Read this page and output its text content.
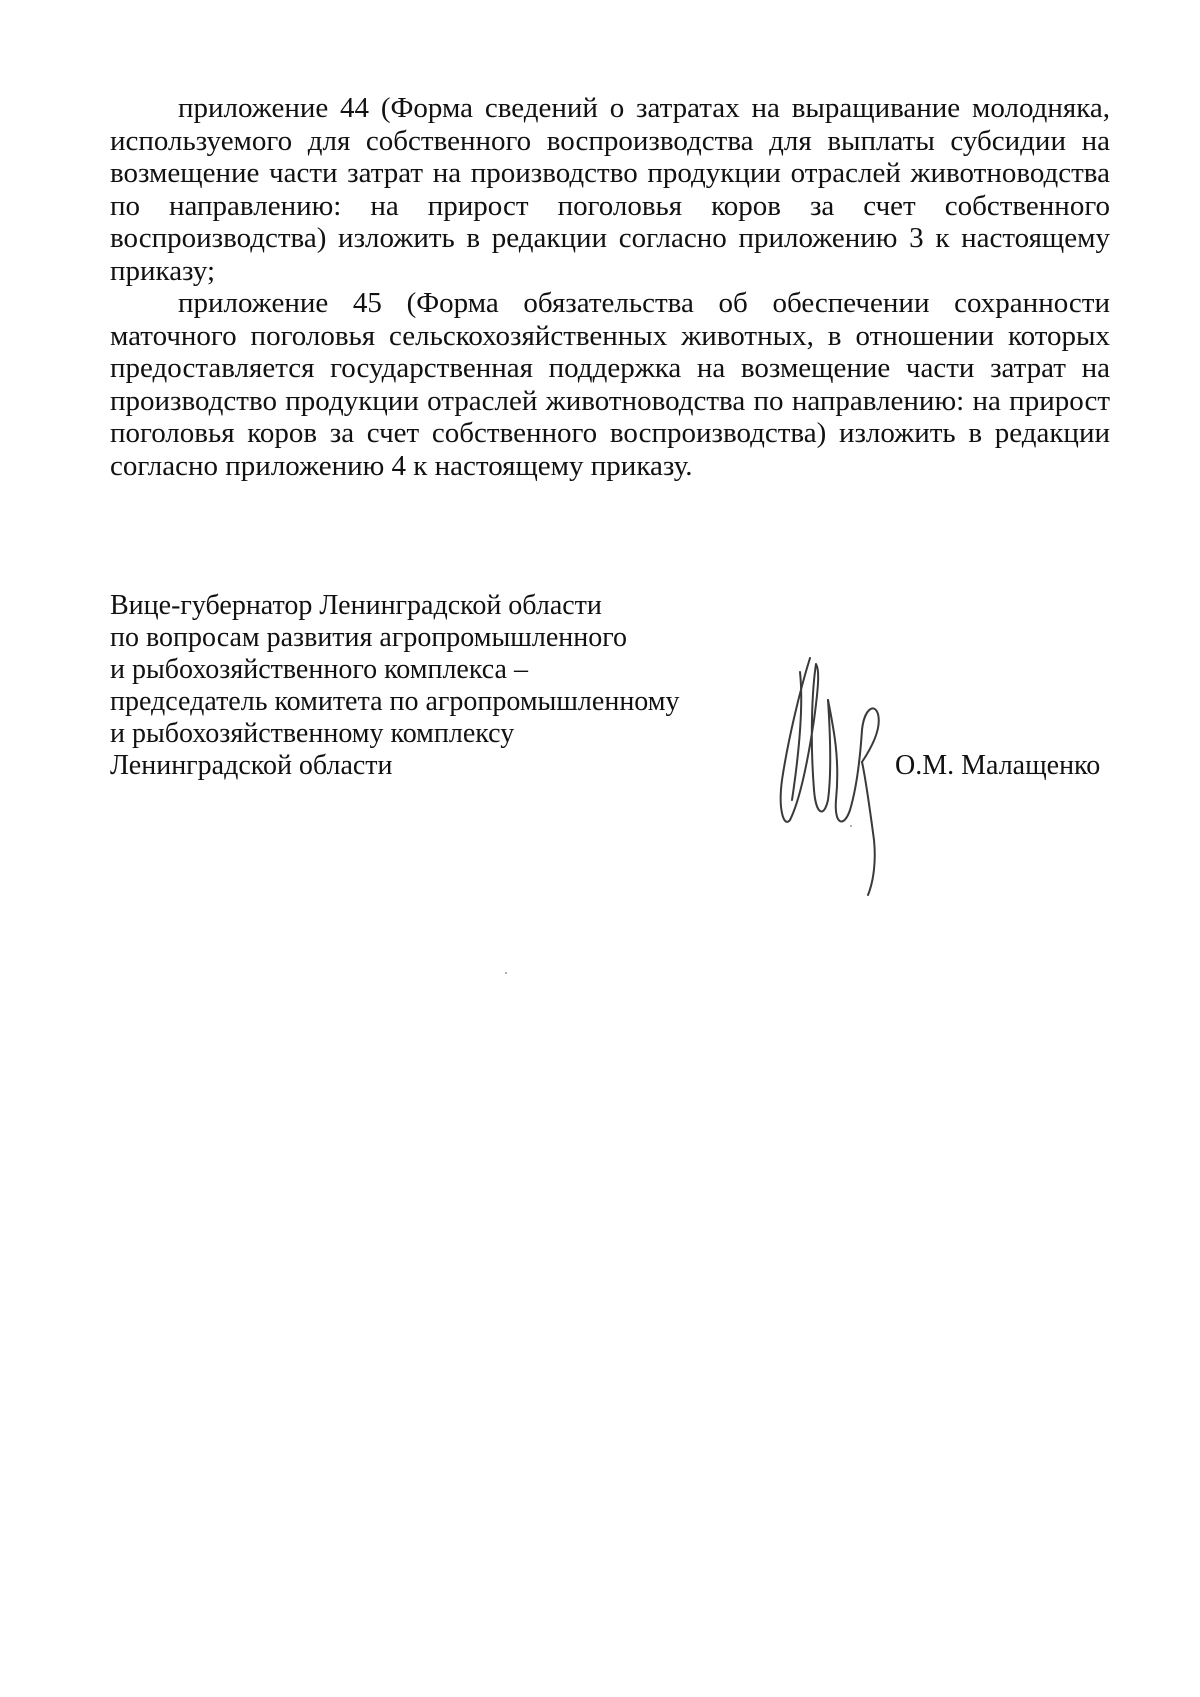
приложение 44 (Форма сведений о затратах на выращивание молодняка, используемого для собственного воспроизводства для выплаты субсидии на возмещение части затрат на производство продукции отраслей животноводства по направлению: на прирост поголовья коров за счет собственного воспроизводства) изложить в редакции согласно приложению 3 к настоящему приказу;

приложение 45 (Форма обязательства об обеспечении сохранности маточного поголовья сельскохозяйственных животных, в отношении которых предоставляется государственная поддержка на возмещение части затрат на производство продукции отраслей животноводства по направлению: на прирост поголовья коров за счет собственного воспроизводства) изложить в редакции согласно приложению 4 к настоящему приказу.

Вице-губернатор Ленинградской области
по вопросам развития агропромышленного
и рыбохозяйственного комплекса –
председатель комитета по агропромышленному
и рыбохозяйственному комплексу
Ленинградской области	О.М. Малащенко
